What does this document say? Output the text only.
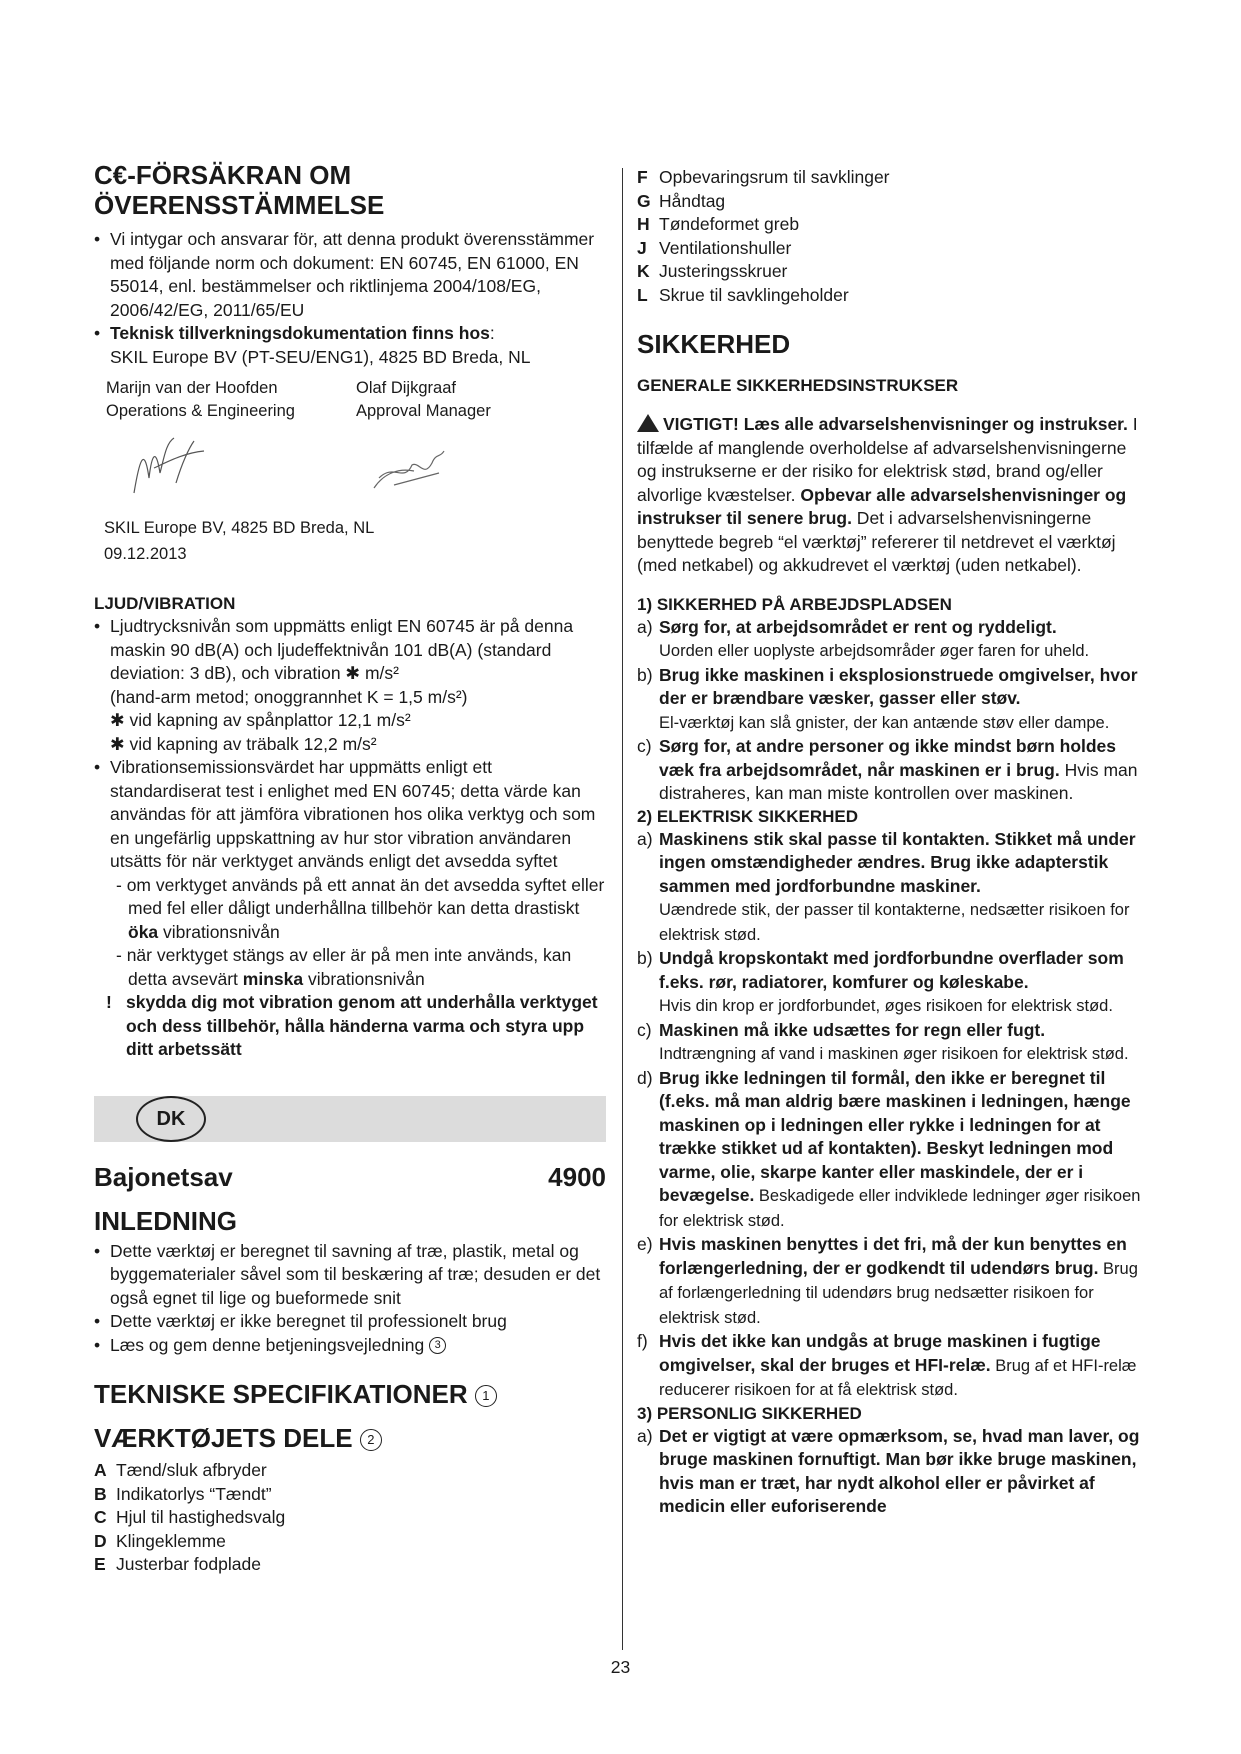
C€-FÖRSÄKRAN OM
ÖVERENSSTÄMMELSE

• Vi intygar och ansvarar för, att denna produkt överensstämmer med följande norm och dokument: EN 60745, EN 61000, EN 55014, enl. bestämmelser och riktlinjema 2004/108/EG, 2006/42/EG, 2011/65/EU

• Teknisk tillverkningsdokumentation finns hos:
SKIL Europe BV (PT-SEU/ENG1), 4825 BD Breda, NL

Marijn van der Hoofden

Operations & Engineering

Olaf Dijkgraaf

Approval Manager

SKIL Europe BV, 4825 BD Breda, NL

09.12.2013

LJUD/VIBRATION

• Ljudtrycksnivån som uppmätts enligt EN 60745 är på denna maskin 90 dB(A) och ljudeffektnivån 101 dB(A) (standard deviation: 3 dB), och vibration ✱ m/s²
(hand-arm metod; onoggrannhet K = 1,5 m/s²)
✱ vid kapning av spånplattor 12,1 m/s²
✱ vid kapning av träbalk 12,2 m/s²

• Vibrationsemissionsvärdet har uppmätts enligt ett standardiserat test i enlighet med EN 60745; detta värde kan användas för att jämföra vibrationen hos olika verktyg och som en ungefärlig uppskattning av hur stor vibration användaren utsätts för när verktyget används enligt det avsedda syftet

- om verktyget används på ett annat än det avsedda syftet eller med fel eller dåligt underhållna tillbehör kan detta drastiskt öka vibrationsnivån

- när verktyget stängs av eller är på men inte används, kan detta avsevärt minska vibrationsnivån

! skydda dig mot vibration genom att underhålla verktyget och dess tillbehör, hålla händerna varma och styra upp ditt arbetssätt

DK
Bajonetsav	4900

INLEDNING

• Dette værktøj er beregnet til savning af træ, plastik, metal og byggematerialer såvel som til beskæring af træ; desuden er det også egnet til lige og bueformede snit

• Dette værktøj er ikke beregnet til professionelt brug

• Læs og gem denne betjeningsvejledning 3

TEKNISKE SPECIFIKATIONER 1

VÆRKTØJETS DELE 2

A Tænd/sluk afbryder

B Indikatorlys “Tændt”

C Hjul til hastighedsvalg

D Klingeklemme

E Justerbar fodplade

F Opbevaringsrum til savklinger

G Håndtag

H Tøndeformet greb

J Ventilationshuller

K Justeringsskruer

L Skrue til savklingeholder

SIKKERHED

GENERALE SIKKERHEDSINSTRUKSER

VIGTIGT! Læs alle advarselshenvisninger og instrukser. I tilfælde af manglende overholdelse af advarselshenvisningerne og instrukserne er der risiko for elektrisk stød, brand og/eller alvorlige kvæstelser. Opbevar alle advarselshenvisninger og instrukser til senere brug. Det i advarselshenvisningerne benyttede begreb “el værktøj” refererer til netdrevet el værktøj (med netkabel) og akkudrevet el værktøj (uden netkabel).

1) SIKKERHED PÅ ARBEJDSPLADSEN

a) Sørg for, at arbejdsområdet er rent og ryddeligt.
Uorden eller uoplyste arbejdsområder øger faren for uheld.

b) Brug ikke maskinen i eksplosionstruede omgivelser, hvor der er brændbare væsker, gasser eller støv.
El-værktøj kan slå gnister, der kan antænde støv eller dampe.

c) Sørg for, at andre personer og ikke mindst børn holdes væk fra arbejdsområdet, når maskinen er i brug. Hvis man distraheres, kan man miste kontrollen over maskinen.

2) ELEKTRISK SIKKERHED

a) Maskinens stik skal passe til kontakten. Stikket må under ingen omstændigheder ændres. Brug ikke adapterstik sammen med jordforbundne maskiner.
Uændrede stik, der passer til kontakterne, nedsætter risikoen for elektrisk stød.

b) Undgå kropskontakt med jordforbundne overflader som f.eks. rør, radiatorer, komfurer og køleskabe.
Hvis din krop er jordforbundet, øges risikoen for elektrisk stød.

c) Maskinen må ikke udsættes for regn eller fugt.
Indtrængning af vand i maskinen øger risikoen for elektrisk stød.

d) Brug ikke ledningen til formål, den ikke er beregnet til (f.eks. må man aldrig bære maskinen i ledningen, hænge maskinen op i ledningen eller rykke i ledningen for at trække stikket ud af kontakten). Beskyt ledningen mod varme, olie, skarpe kanter eller maskindele, der er i bevægelse. Beskadigede eller indviklede ledninger øger risikoen for elektrisk stød.

e) Hvis maskinen benyttes i det fri, må der kun benyttes en forlængerledning, der er godkendt til udendørs brug. Brug af forlængerledning til udendørs brug nedsætter risikoen for elektrisk stød.

f) Hvis det ikke kan undgås at bruge maskinen i fugtige omgivelser, skal der bruges et HFI-relæ. Brug af et HFI-relæ reducerer risikoen for at få elektrisk stød.

3) PERSONLIG SIKKERHED

a) Det er vigtigt at være opmærksom, se, hvad man laver, og bruge maskinen fornuftigt. Man bør ikke bruge maskinen, hvis man er træt, har nydt alkohol eller er påvirket af medicin eller euforiserende

23
